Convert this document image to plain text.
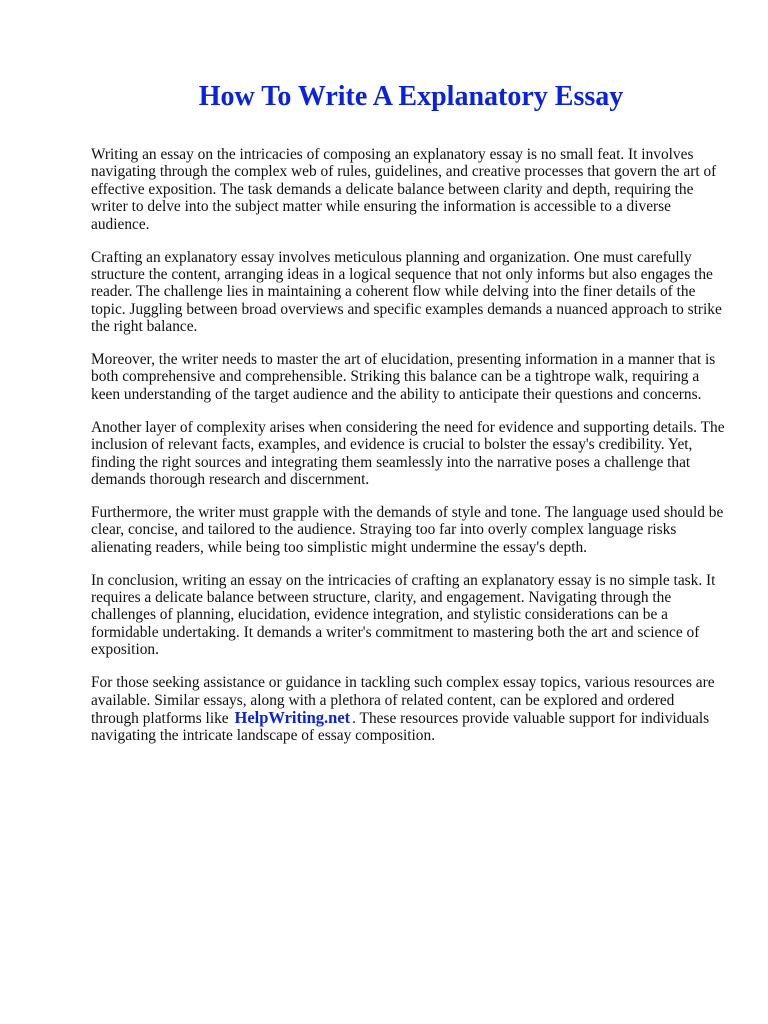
How To Write A Explanatory Essay

Writing an essay on the intricacies of composing an explanatory essay is no small feat. It involves navigating through the complex web of rules, guidelines, and creative processes that govern the art of effective exposition. The task demands a delicate balance between clarity and depth, requiring the writer to delve into the subject matter while ensuring the information is accessible to a diverse audience.

Crafting an explanatory essay involves meticulous planning and organization. One must carefully structure the content, arranging ideas in a logical sequence that not only informs but also engages the reader. The challenge lies in maintaining a coherent flow while delving into the finer details of the topic. Juggling between broad overviews and specific examples demands a nuanced approach to strike the right balance.

Moreover, the writer needs to master the art of elucidation, presenting information in a manner that is both comprehensive and comprehensible. Striking this balance can be a tightrope walk, requiring a keen understanding of the target audience and the ability to anticipate their questions and concerns.

Another layer of complexity arises when considering the need for evidence and supporting details. The inclusion of relevant facts, examples, and evidence is crucial to bolster the essay's credibility. Yet, finding the right sources and integrating them seamlessly into the narrative poses a challenge that demands thorough research and discernment.

Furthermore, the writer must grapple with the demands of style and tone. The language used should be clear, concise, and tailored to the audience. Straying too far into overly complex language risks alienating readers, while being too simplistic might undermine the essay's depth.

In conclusion, writing an essay on the intricacies of crafting an explanatory essay is no simple task. It requires a delicate balance between structure, clarity, and engagement. Navigating through the challenges of planning, elucidation, evidence integration, and stylistic considerations can be a formidable undertaking. It demands a writer's commitment to mastering both the art and science of exposition.

For those seeking assistance or guidance in tackling such complex essay topics, various resources are available. Similar essays, along with a plethora of related content, can be explored and ordered through platforms like HelpWriting.net . These resources provide valuable support for individuals navigating the intricate landscape of essay composition.
